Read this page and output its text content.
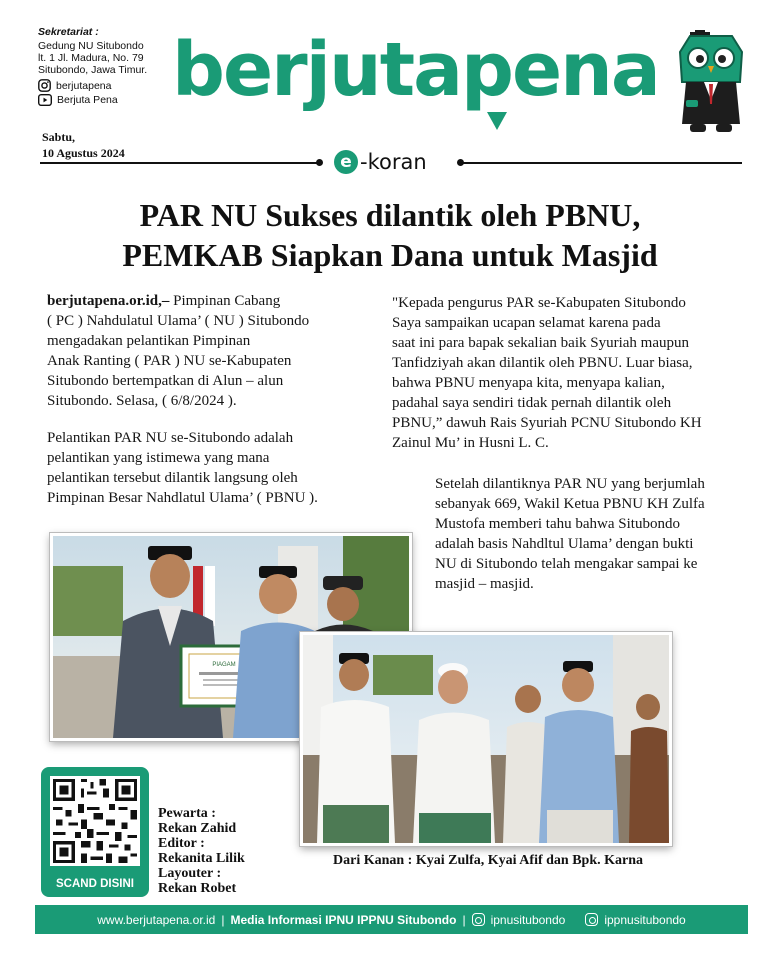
Sekretariat :
Gedung NU Situbondo
lt. 1 Jl. Madura, No. 79
Situbondo, Jawa Timur.
berjutapena
Berjuta Pena berjutapena
Sabtu,
10 Agustus 2024	e -koran
PAR NU Sukses dilantik oleh PBNU,
PEMKAB Siapkan Dana untuk Masjid
berjutapena.or.id,– Pimpinan Cabang
( PC ) Nahdulatul Ulama’ ( NU ) Situbondo
mengadakan pelantikan Pimpinan
Anak Ranting ( PAR ) NU se-Kabupaten
Situbondo bertempatkan di Alun – alun
Situbondo. Selasa, ( 6/8/2024 ).
Pelantikan PAR NU se-Situbondo adalah
pelantikan yang istimewa yang mana
pelantikan tersebut dilantik langsung oleh
Pimpinan Besar Nahdlatul Ulama’ ( PBNU ).
"Kepada pengurus PAR se-Kabupaten Situbondo
Saya sampaikan ucapan selamat karena pada
saat ini para bapak sekalian baik Syuriah maupun
Tanfidziyah akan dilantik oleh PBNU. Luar biasa,
bahwa PBNU menyapa kita, menyapa kalian,
padahal saya sendiri tidak pernah dilantik oleh
PBNU,” dawuh Rais Syuriah PCNU Situbondo KH
Zainul Mu’ in Husni L. C.
Setelah dilantiknya PAR NU yang berjumlah
sebanyak 669, Wakil Ketua PBNU KH Zulfa
Mustofa memberi tahu bahwa Situbondo
adalah basis Nahdltul Ulama’ dengan bukti
NU di Situbondo telah mengakar sampai ke
masjid – masjid.
PIAGAM
SCAND DISINI
Pewarta :
Rekan Zahid
Editor :
Rekanita Lilik
Layouter :
Rekan Robet
Dari Kanan : Kyai Zulfa, Kyai Afif dan Bpk. Karna
www.berjutapena.or.id | Media Informasi IPNU IPPNU Situbondo | ipnusitubondo	ippnusitubondo
